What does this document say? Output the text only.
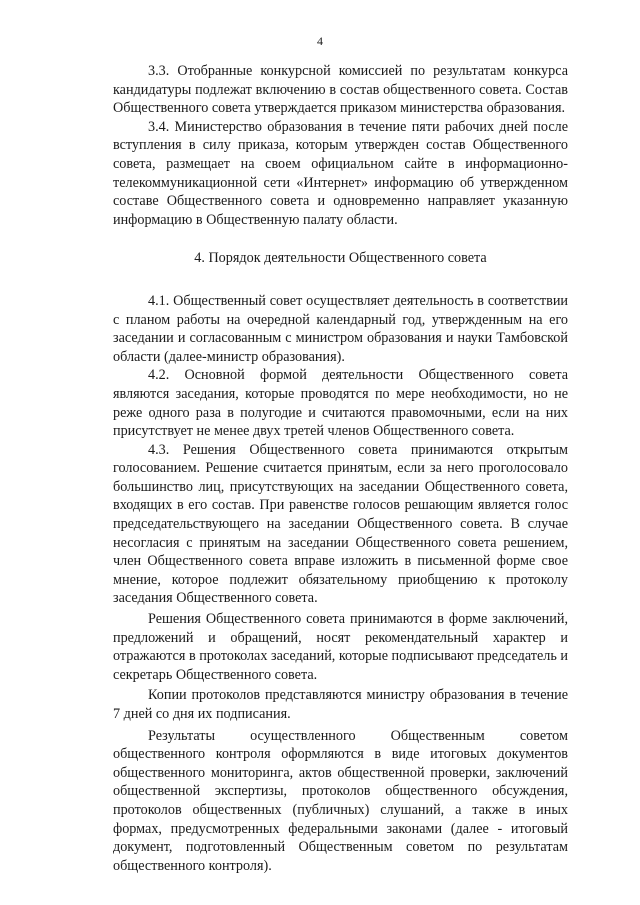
4

3.3. Отобранные конкурсной комиссией по результатам конкурса кандидатуры подлежат включению в состав общественного совета. Состав Общественного совета утверждается приказом министерства образования.

3.4. Министерство образования в течение пяти рабочих дней после вступления в силу приказа, которым утвержден состав Общественного совета, размещает на своем официальном сайте в информационно-телекоммуникационной сети «Интернет» информацию об утвержденном составе Общественного совета и одновременно направляет указанную информацию в Общественную палату области.

4. Порядок деятельности Общественного совета

4.1. Общественный совет осуществляет деятельность в соответствии с планом работы на очередной календарный год, утвержденным на его заседании и согласованным с министром образования и науки Тамбовской области (далее-министр образования).

4.2. Основной формой деятельности Общественного совета являются заседания, которые проводятся по мере необходимости, но не реже одного раза в полугодие и считаются правомочными, если на них присутствует не менее двух третей членов Общественного совета.

4.3. Решения Общественного совета принимаются открытым голосованием. Решение считается принятым, если за него проголосовало большинство лиц, присутствующих на заседании Общественного совета, входящих в его состав. При равенстве голосов решающим является голос председательствующего на заседании Общественного совета. В случае несогласия с принятым на заседании Общественного совета решением, член Общественного совета вправе изложить в письменной форме свое мнение, которое подлежит обязательному приобщению к протоколу заседания Общественного совета.

Решения Общественного совета принимаются в форме заключений, предложений и обращений, носят рекомендательный характер и отражаются в протоколах заседаний, которые подписывают председатель и секретарь Общественного совета.

Копии протоколов представляются министру образования в течение 7 дней со дня их подписания.

Результаты осуществленного Общественным советом общественного контроля оформляются в виде итоговых документов общественного мониторинга, актов общественной проверки, заключений общественной экспертизы, протоколов общественного обсуждения, протоколов общественных (публичных) слушаний, а также в иных формах, предусмотренных федеральными законами (далее - итоговый документ, подготовленный Общественным советом по результатам общественного контроля).
